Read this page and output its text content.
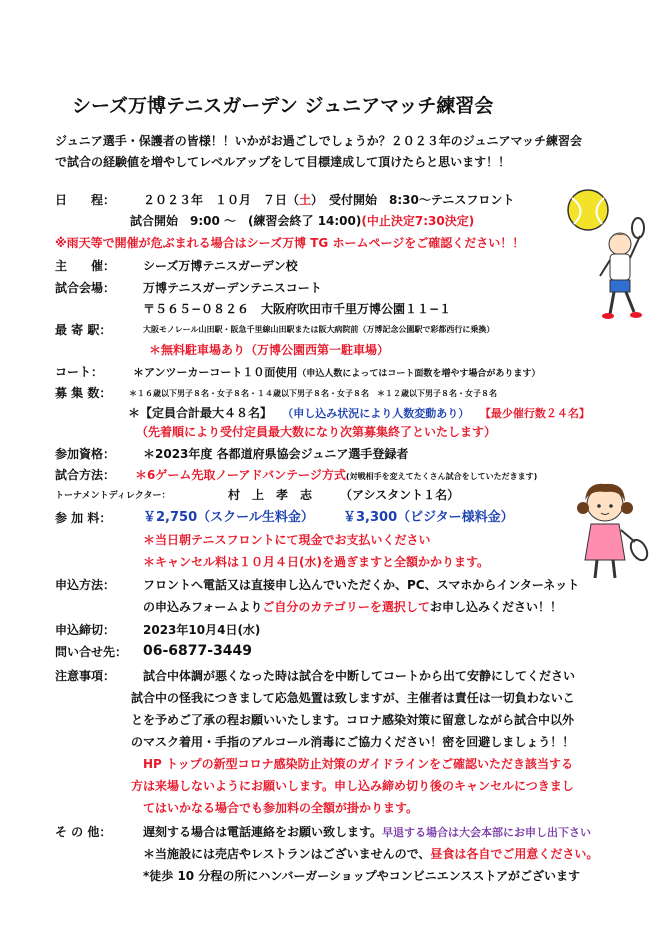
シーズ万博テニスガーデン ジュニアマッチ練習会
ジュニア選手・保護者の皆様！！いかがお過ごしでしょうか？２０２３年のジュニアマッチ練習会
で試合の経験値を増やしてレベルアップをして目標達成して頂けたらと思います！！
日　　程： ２０２３年　１０月　７日（土）　受付開始　8:30〜テニスフロント
試合開始　9:00 〜　(練習会終了 14:00)(中止決定7:30決定)
※雨天等で開催が危ぶまれる場合はシーズ万博 TG ホームページをご確認ください！！
主　　催： シーズ万博テニスガーデン校
試合会場： 万博テニスガーデンテニスコート
〒５６５−０８２６　大阪府吹田市千里万博公園１１−１
最 寄 駅：	大阪モノレール山田駅・阪急千里線山田駅または阪大病院前（万博記念公園駅で彩都西行に乗換）
＊無料駐車場あり（万博公園西第一駐車場）
コート：	＊アンツーカーコート１０面使用（申込人数によってはコート面数を増やす場合があります）
募 集 数： ＊１６歳以下男子８名・女子８名・１４歳以下男子８名・女子８名　＊１２歳以下男子８名・女子８名
＊【定員合計最大４８名】　 （申し込み状況により人数変動あり）　 【最少催行数２４名】
（先着順により受付定員最大数になり次第募集終了といたします）
参加資格： ＊2023年度 各都道府県協会ジュニア選手登録者
試合方法： ＊6ゲーム先取ノーアドバンテージ方式(対戦相手を変えてたくさん試合をしていただきます)
トーナメントディレクター：	村　上　孝　志 （アシスタント１名）
参 加 料： ￥2,750（スクール生料金） ￥3,300（ビジター様料金）
＊当日朝テニスフロントにて現金でお支払いください
＊キャンセル料は１０月４日(水)を過ぎますと全額かかります。
申込方法： フロントへ電話又は直接申し込んでいただくか、PC、スマホからインターネット
の申込みフォームよりご自分のカテゴリーを選択してお申し込みください！！
申込締切： 2023年10月4日(水)
問い合せ先： 06-6877-3449
注意事項： 試合中体調が悪くなった時は試合を中断してコートから出て安静にしてください
試合中の怪我につきまして応急処置は致しますが、主催者は責任は一切負わないこ
とを予めご了承の程お願いいたします。コロナ感染対策に留意しながら試合中以外
のマスク着用・手指のアルコール消毒にご協力ください！密を回避しましょう！！
HP トップの新型コロナ感染防止対策のガイドラインをご確認いただき該当する
方は来場しないようにお願いします。申し込み締め切り後のキャンセルにつきまし
てはいかなる場合でも参加料の全額が掛かります。
そ の 他：	遅刻する場合は電話連絡をお願い致します。早退する場合は大会本部にお申し出下さい
＊当施設には売店やレストランはございませんので、昼食は各自でご用意ください。
*徒歩 10 分程の所にハンバーガーショップやコンビニエンスストアがございます
